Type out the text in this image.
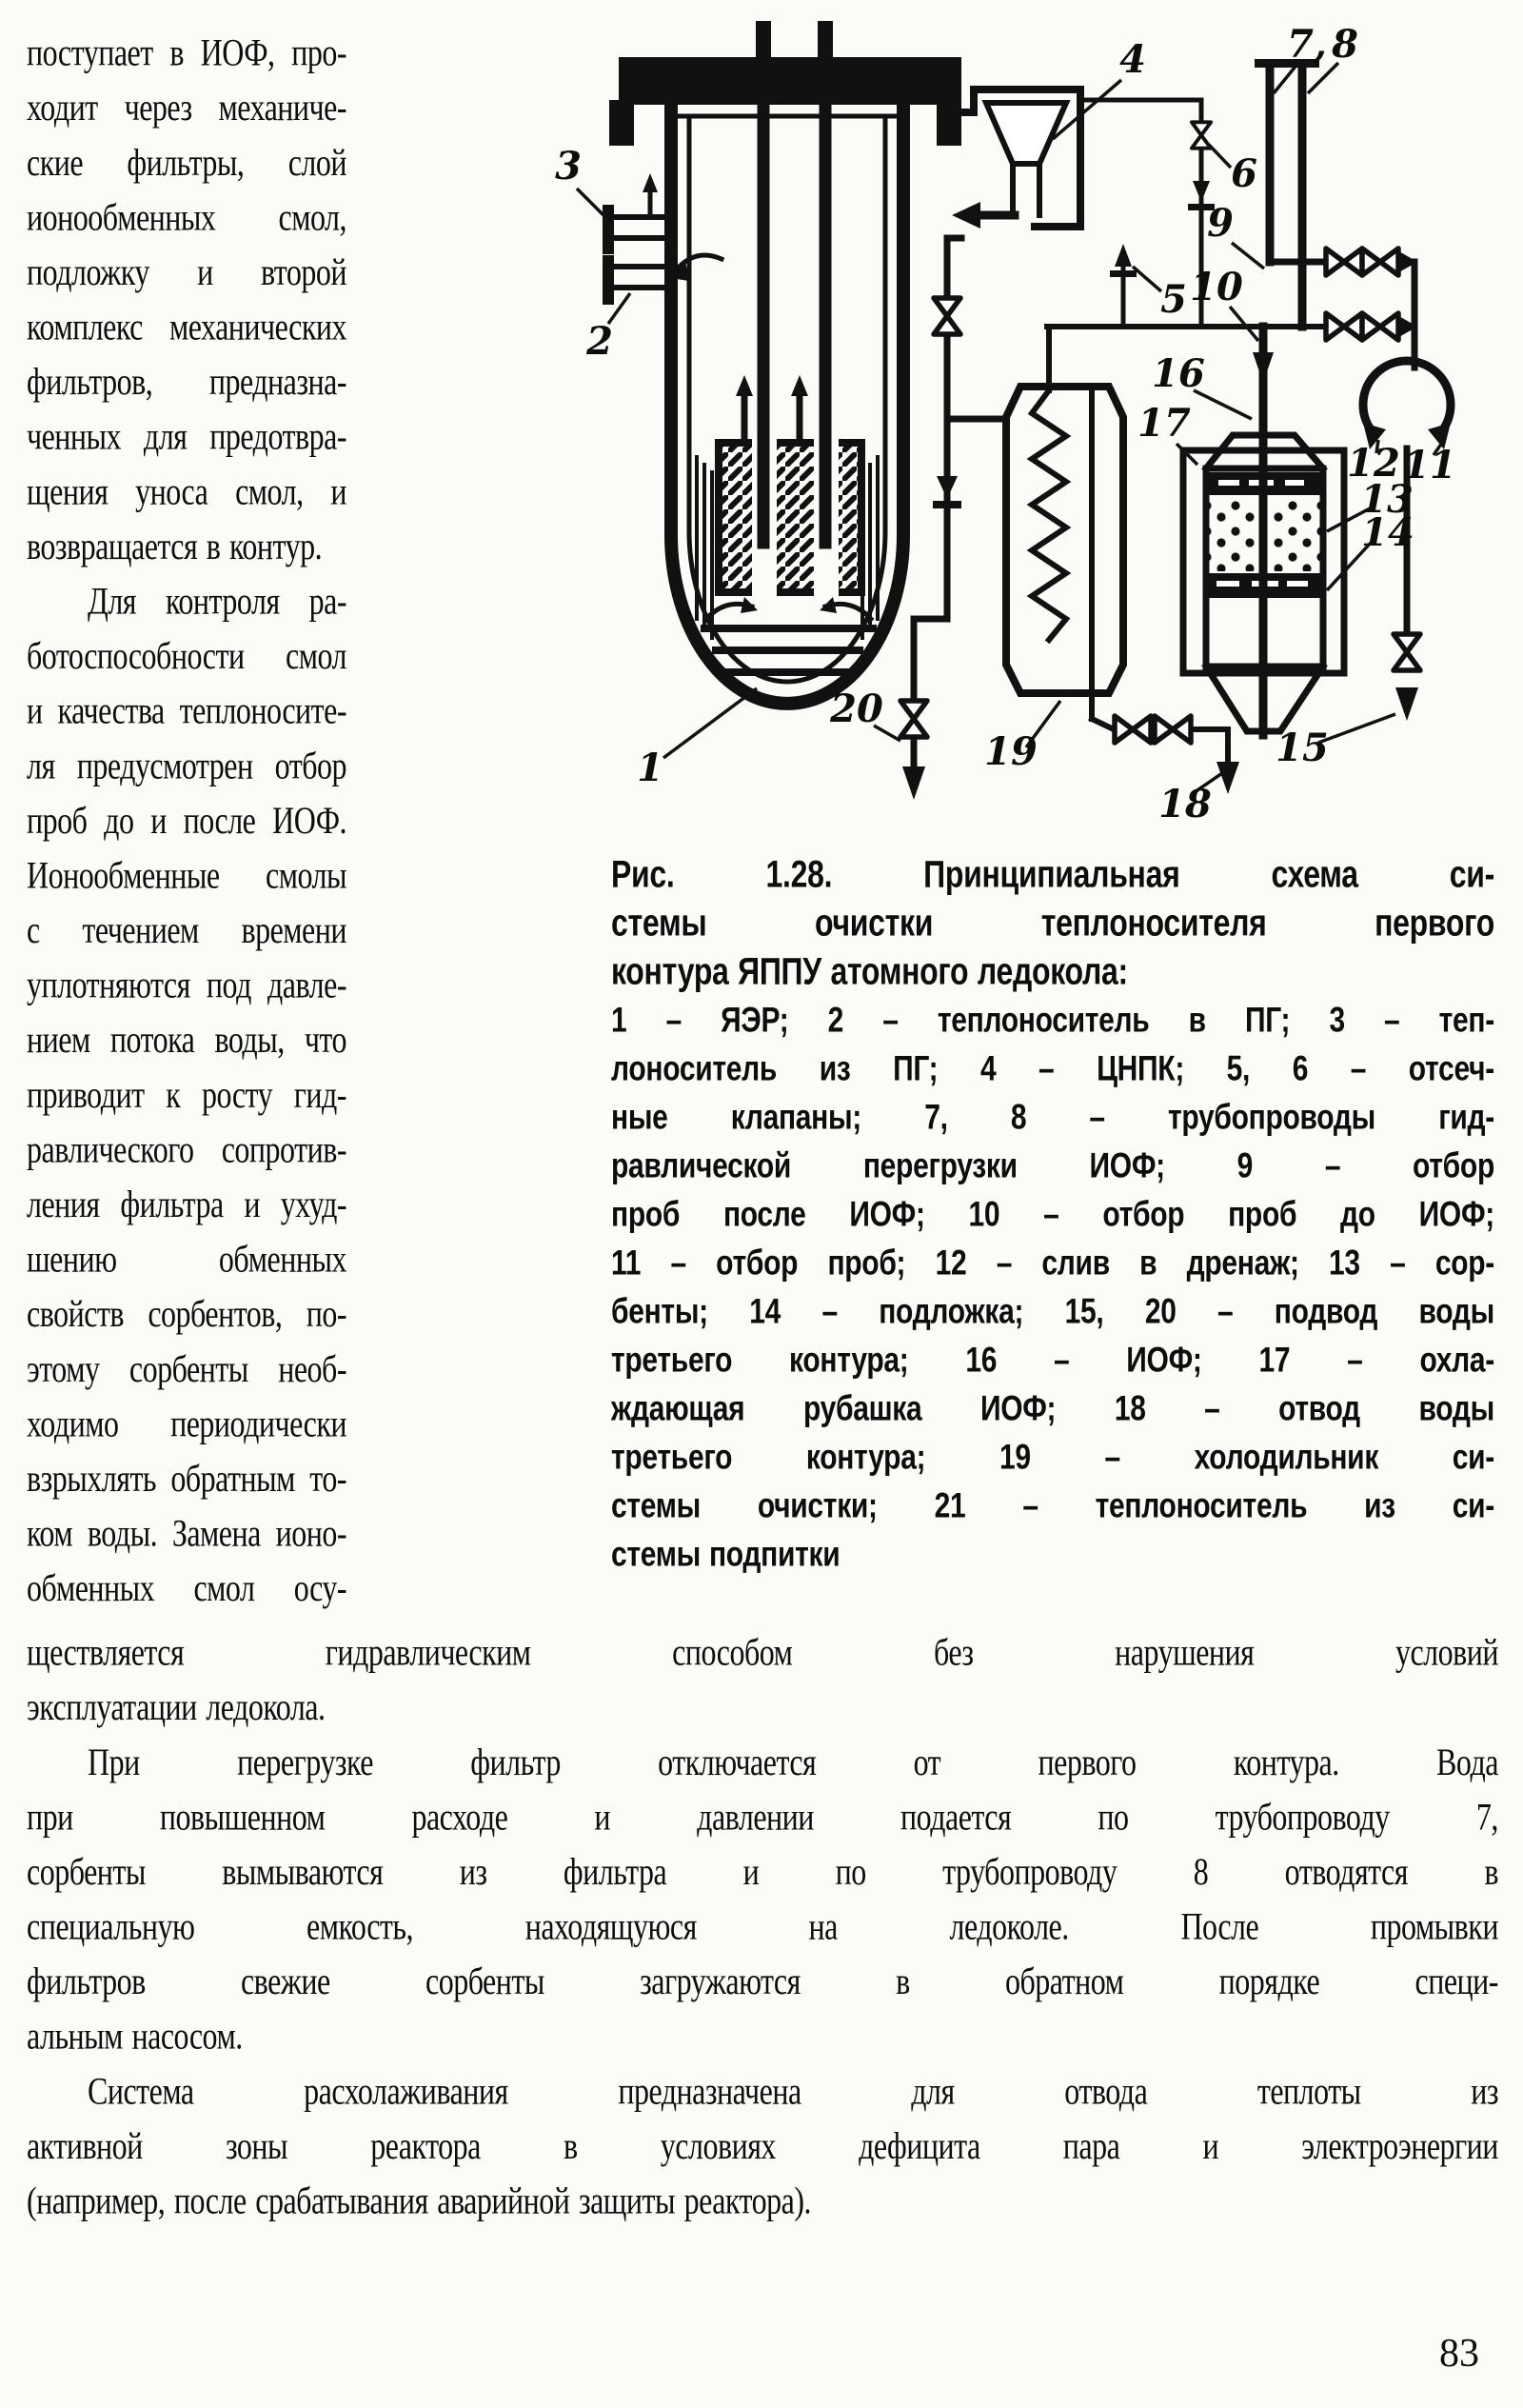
поступает в ИОФ, про-
ходит через механиче-
ские фильтры, слой
ионообменных смол,
подложку и второй
комплекс механических
фильтров, предназна-
ченных для предотвра-
щения уноса смол, и
возвращается в контур.
Для контроля ра-
ботоспособности смол
и качества теплоносите-
ля предусмотрен отбор
проб до и после ИОФ.
Ионообменные смолы
с течением времени
уплотняются под давле-
нием потока воды, что
приводит к росту гид-
равлического сопротив-
ления фильтра и ухуд-
шению	обменных
свойств сорбентов, по-
этому сорбенты необ-
ходимо периодически
взрыхлять обратным то-
ком воды. Замена ионо-
обменных смол осу-
1
2
3
4
5
6
7, 8
9
10
11
12
13
14
15
16
17
18
19
20
Рис.	1.28.	Принципиальная	схема	си-
стемы	очистки	теплоносителя	первого
контура ЯППУ атомного ледокола:
1 – ЯЭР; 2 – теплоноситель в ПГ; 3 – теп-
лоноситель из ПГ; 4 – ЦНПК; 5, 6 – отсеч-
ные клапаны; 7, 8 – трубопроводы гид-
равлической	перегрузки	ИОФ;	9	–	отбор
проб после ИОФ; 10 – отбор проб до ИОФ;
11 – отбор проб; 12 – слив в дренаж; 13 – сор-
бенты; 14 – подложка; 15, 20 – подвод воды
третьего контура; 16 – ИОФ; 17 – охла-
ждающая рубашка ИОФ; 18 – отвод воды
третьего	контура;	19	–	холодильник	си-
стемы очистки; 21 – теплоноситель из си-
стемы подпитки
ществляется	гидравлическим	способом	без	нарушения	условий
эксплуатации ледокола.
При	перегрузке	фильтр	отключается	от	первого	контура.	Вода
при	повышенном	расходе	и	давлении	подается	по	трубопроводу	7,
сорбенты	вымываются	из	фильтра	и	по	трубопроводу	8	отводятся	в
специальную	емкость,	находящуюся	на	ледоколе.	После	промывки
фильтров	свежие	сорбенты	загружаются	в	обратном	порядке	специ-
альным насосом.
Система	расхолаживания	предназначена	для	отвода	теплоты	из
активной	зоны	реактора	в	условиях	дефицита	пара	и	электроэнергии
(например, после срабатывания аварийной защиты реактора).
83
